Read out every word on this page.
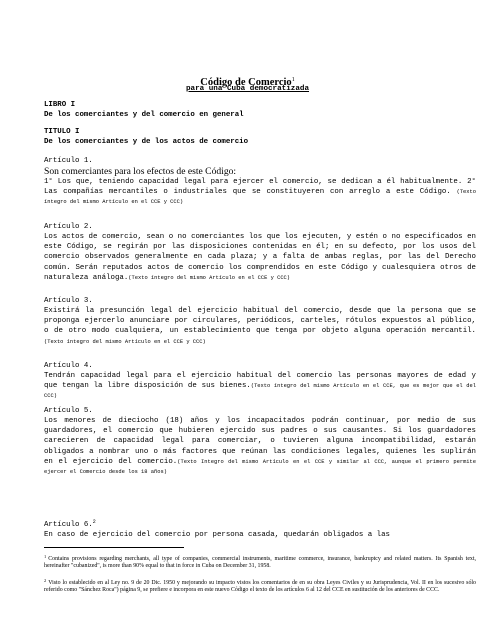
Código de Comercio$^1$
para una Cuba democratizada
LIBRO I
De los comerciantes y del comercio en general
TITULO I
De los comerciantes y de los actos de comercio
Artículo 1.
Son comerciantes para los efectos de este Código:
1° Los que, teniendo capacidad legal para ejercer el comercio, se dedican a él habitualmente. 2° Las compañías mercantiles o industriales que se constituyeren con arreglo a este Código. (Texto íntegro del mismo Artículo en el CCE y CCC)
Artículo 2.
Los actos de comercio, sean o no comerciantes los que los ejecuten, y estén o no especificados en este Código, se regirán por las disposiciones contenidas en él; en su defecto, por los usos del comercio observados generalmente en cada plaza; y a falta de ambas reglas, por las del Derecho común. Serán reputados actos de comercio los comprendidos en este Código y cualesquiera otros de naturaleza análoga.(Texto íntegro del mismo Artículo en el CCE y CCC)
Artículo 3.
Existirá la presunción legal del ejercicio habitual del comercio, desde que la persona que se proponga ejercerlo anunciare por circulares, periódicos, carteles, rótulos expuestos al público, o de otro modo cualquiera, un establecimiento que tenga por objeto alguna operación mercantil.(Texto íntegro del mismo Artículo en el CCE y CCC)
Artículo 4.
Tendrán capacidad legal para el ejercicio habitual del comercio las personas mayores de edad y que tengan la libre disposición de sus bienes.(Texto íntegro del mismo Artículo en el CCE, que es mejor que el del CCC)
Artículo 5.
Los menores de dieciocho (18) años y los incapacitados podrán continuar, por medio de sus guardadores, el comercio que hubieren ejercido sus padres o sus causantes. Si los guardadores carecieren de capacidad legal para comerciar, o tuvieren alguna incompatibilidad, estarán obligados a nombrar uno o más factores que reúnan las condiciones legales, quienes les suplirán en el ejercicio del comercio.(Texto Integro del mismo Artículo en el CCE y similar al CCC, aunque el primero permite ejercer el Comercio desde los 18 años)
Artículo 6.$^2$
En caso de ejercicio del comercio por persona casada, quedarán obligados a las
$^1$ Contains provisions regarding merchants, all type of companies, commercial instruments, maritime commerce, insurance, bankruptcy and related matters. Its Spanish text, hereinafter "cubanized", is more than 90% equal to that in force in Cuba on December 31, 1958.
$^2$ Visto lo establecido en al Ley no. 9 de 20 Dic. 1950 y mejorando su impacto vistos los comentarios de en su obra Leyes Civiles y su Jurisprudencia, Vol. II en los sucesivo sólo referido como "Sánchez Roca") página 9, se prefiere e incorpora en este nuevo Código el texto de los artículos 6 al 12 del CCE en sustitución de los anteriores de CCC.
